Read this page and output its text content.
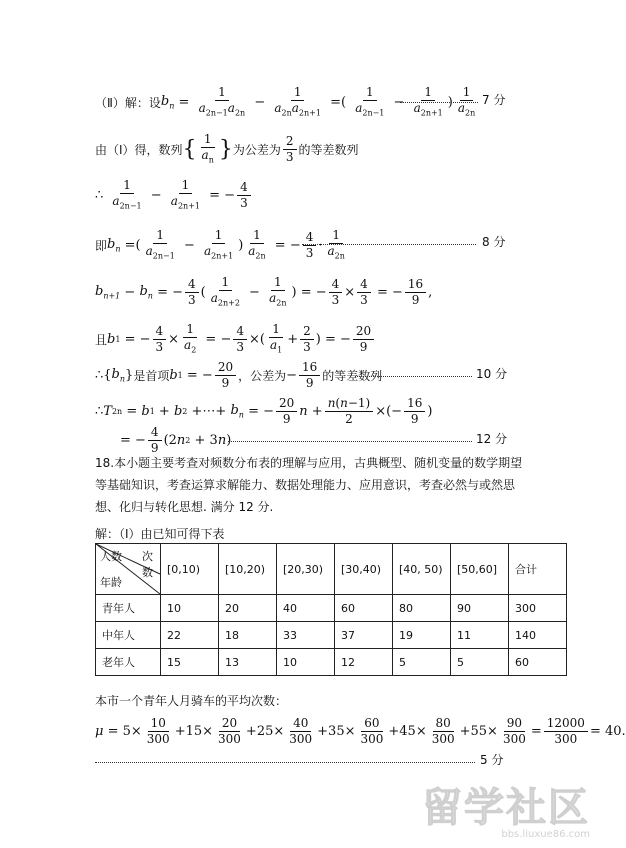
（Ⅱ）解：设 $b_n = \frac{1}{a_{2n-1}a_{2n}} - \frac{1}{a_{2n}a_{2n+1}}$ =( $\frac{1}{a_{2n-1}} - \frac{1}{a_{2n+1}}$ ) $\frac{1}{a_{2n}} 7$ 分
由（Ⅰ）得，数列 { $\frac{1}{a_n}$ } 为公差为 $\frac{2}{3}$ 的等差数列
∴
$\frac{1}{a_{2n-1}} - \frac{1}{a_{2n+1}}$ = − $\frac{4}{3}$
即 $b_n$ =( $\frac{1}{a_{2n-1}} - \frac{1}{a_{2n+1}}$ ) $\frac{1}{a_{2n}}$ = − $\frac{4}{3} \cdot \frac{1}{a_{2n}}$	8 分
$b_{n+1} - b_n$ = − $\frac{4}{3}$ ( $\frac{1}{a_{2n+2}} - \frac{1}{a_{2n}}$ ) = − $\frac{4}{3} \times \frac{4}{3}$ = − $\frac{16}{9}$ ,
且 b 1 = − $\frac{4}{3} \times \frac{1}{a_2}$ = − $\frac{4}{3}$ ×( $\frac{1}{a_1} + \frac{2}{3}$ ) = − $\frac{20}{9}$
∴{ $b_n$ } 是首项 b 1 = − $\frac{20}{9}$ ，公差为 − $\frac{16}{9}$ 的等差数列	10 分
∴ T 2n = b 1 + b 2 +⋯+ $b_n$ = − $\frac{20}{9}$ $n + \frac{n(n-1)}{2}$ ×(− $\frac{16}{9}$ )
= − $\frac{4}{9} (2$ n 2 + 3 n )	12 分
18.本小题主要考查对频数分布表的理解与应用，古典概型、随机变量的数学期望等基础知识，考查运算求解能力、数据处理能力、应用意识，考查必然与或然思想、化归与转化思想. 满分 12 分.
解：（Ⅰ）由已知可得下表
人数 次数
年龄	[0,10)	[10,20)	[20,30)	[30,40)	[40, 50)	[50,60]	合计
青年人	10	20	40	60	80	90	300
中年人	22	18	33	37	19	11	140
老年人	15	13	10	12	5	5	60
本市一个青年人月骑车的平均次数：
$\mu = 5\times \frac{10}{300} +15\times \frac{20}{300} +25\times \frac{40}{300} +35\times \frac{60}{300} +45\times \frac{80}{300} +55\times \frac{90}{300} = \frac{12000}{300} = 40$.
5 分
留学社区
bbs.liuxue86.com
